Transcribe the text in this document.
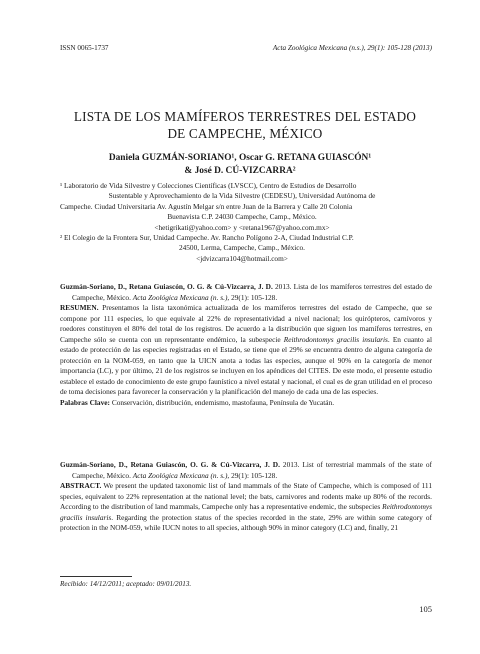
ISSN 0065-1737	Acta Zoológica Mexicana (n.s.), 29(1): 105-128 (2013)
LISTA DE LOS MAMÍFEROS TERRESTRES DEL ESTADO
DE CAMPECHE, MÉXICO
Daniela GUZMÁN-SORIANO¹, Oscar G. RETANA GUIASCÓN¹
& José D. CÚ-VIZCARRA²

¹ Laboratorio de Vida Silvestre y Colecciones Científicas (LVSCC), Centro de Estudios de Desarrollo

Sustentable y Aprovechamiento de la Vida Silvestre (CEDESU), Universidad Autónoma de

Campeche. Ciudad Universitaria Av. Agustín Melgar s/n entre Juan de la Barrera y Calle 20 Colonia

Buenavista C.P. 24030 Campeche, Camp., México.

<hetigrikati@yahoo.com> y <retana1967@yahoo.com.mx>

² El Colegio de la Frontera Sur, Unidad Campeche. Av. Rancho Polígono 2-A, Ciudad Industrial C.P.

24500, Lerma, Campeche, Camp., México.

<jdvizcarra104@hotmail.com>

Guzmán-Soriano, D., Retana Guiascón, O. G. & Cú-Vizcarra, J. D. 2013. Lista de los mamíferos terrestres del estado de Campeche, México. Acta Zoológica Mexicana (n. s.), 29(1): 105-128.

RESUMEN. Presentamos la lista taxonómica actualizada de los mamíferos terrestres del estado de Campeche, que se compone por 111 especies, lo que equivale al 22% de representatividad a nivel nacional; los quirópteros, carnívoros y roedores constituyen el 80% del total de los registros. De acuerdo a la distribución que siguen los mamíferos terrestres, en Campeche sólo se cuenta con un representante endémico, la subespecie Reithrodontomys gracilis insularis. En cuanto al estado de protección de las especies registradas en el Estado, se tiene que el 29% se encuentra dentro de alguna categoría de protección en la NOM-059, en tanto que la UICN anota a todas las especies, aunque el 90% en la categoría de menor importancia (LC), y por último, 21 de los registros se incluyen en los apéndices del CITES. De este modo, el presente estudio establece el estado de conocimiento de este grupo faunístico a nivel estatal y nacional, el cual es de gran utilidad en el proceso de toma decisiones para favorecer la conservación y la planificación del manejo de cada una de las especies.

Palabras Clave: Conservación, distribución, endemismo, mastofauna, Península de Yucatán.

Guzmán-Soriano, D., Retana Guiascón, O. G. & Cú-Vizcarra, J. D. 2013. List of terrestrial mammals of the state of Campeche, México. Acta Zoológica Mexicana (n. s.), 29(1): 105-128.

ABSTRACT. We present the updated taxonomic list of land mammals of the State of Campeche, which is composed of 111 species, equivalent to 22% representation at the national level; the bats, carnivores and rodents make up 80% of the records. According to the distribution of land mammals, Campeche only has a representative endemic, the subspecies Reithrodontomys gracilis insularis. Regarding the protection status of the species recorded in the state, 29% are within some category of protection in the NOM-059, while IUCN notes to all species, although 90% in minor category (LC) and, finally, 21

Recibido: 14/12/2011; aceptado: 09/01/2013.
105
